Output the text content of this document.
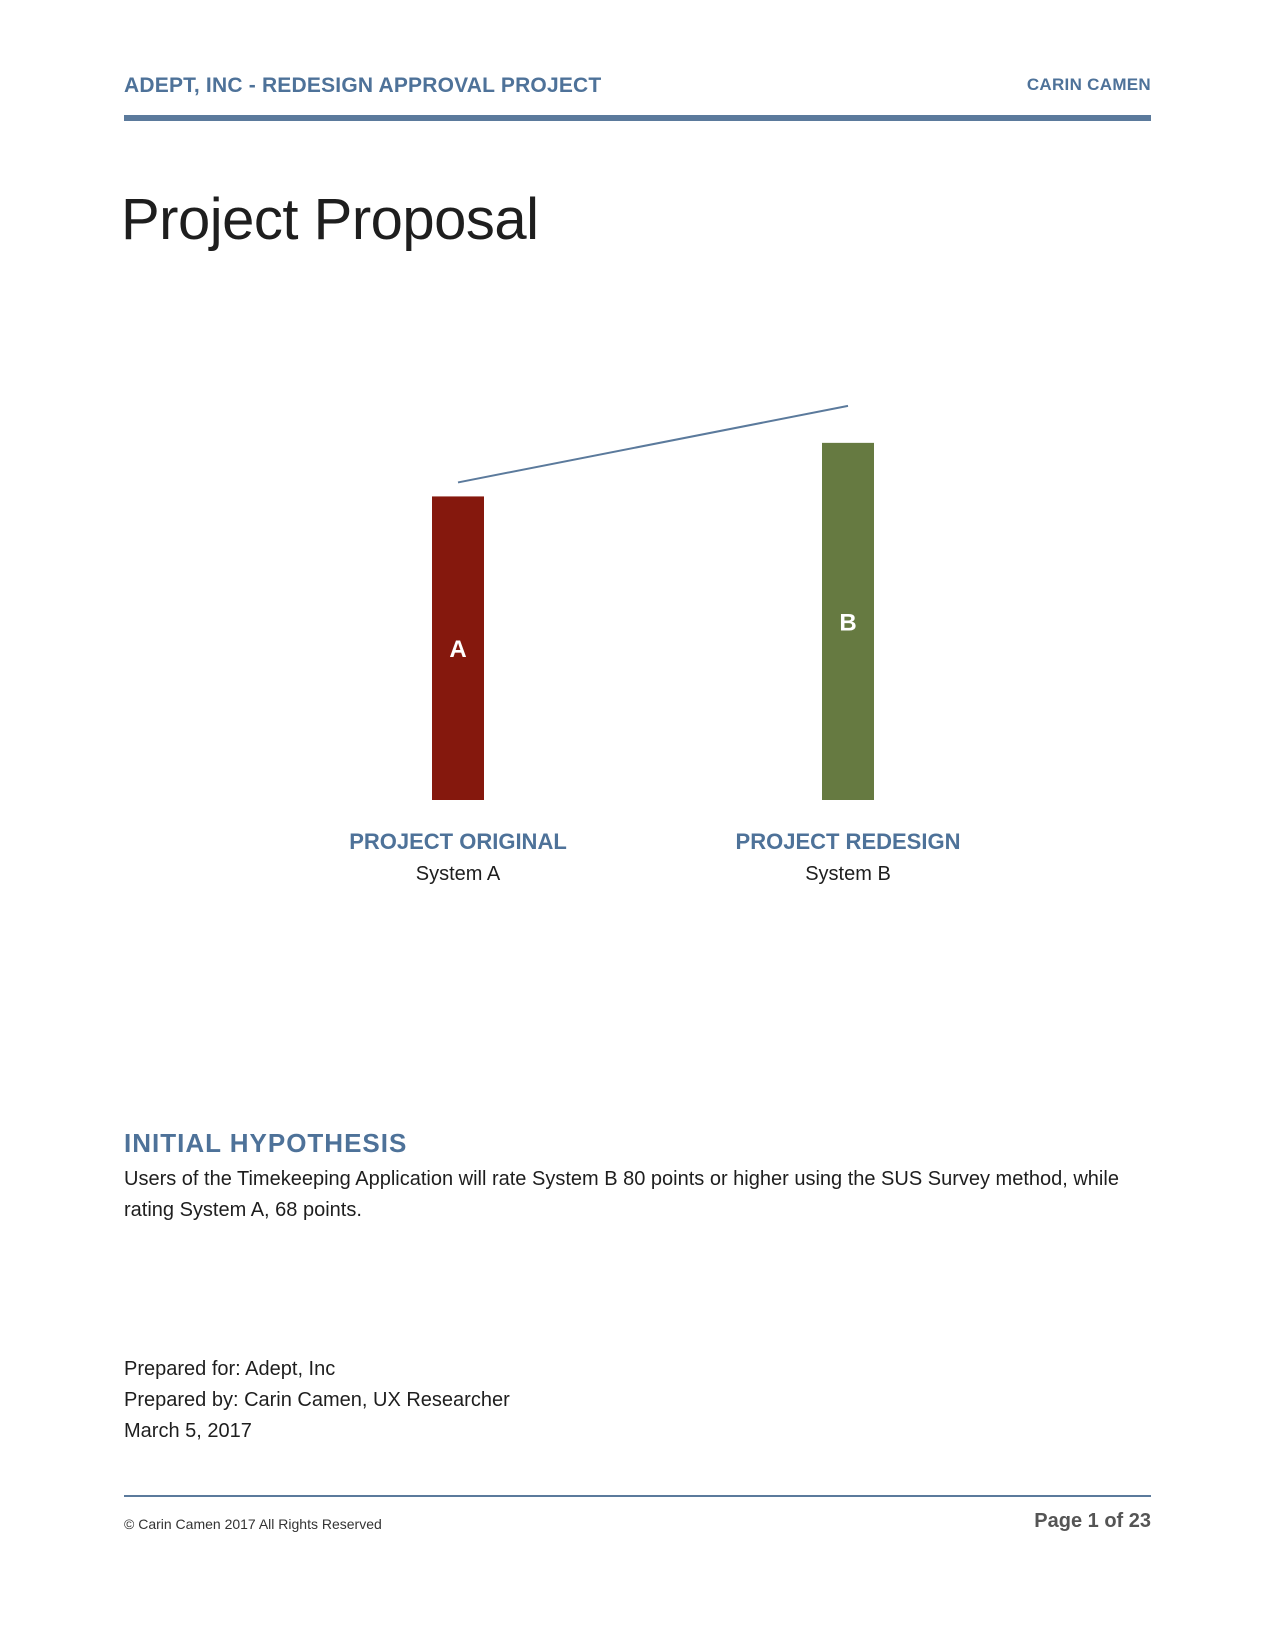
ADEPT, INC - REDESIGN APPROVAL PROJECT	CARIN CAMEN
Project Proposal
A
PROJECT ORIGINAL
System A
B
PROJECT REDESIGN
System B
INITIAL HYPOTHESIS
Users of the Timekeeping Application will rate System B 80 points or higher using the SUS Survey method, while
rating System A, 68 points.
Prepared for: Adept, Inc
Prepared by: Carin Camen, UX Researcher
March 5, 2017
© Carin Camen 2017 All Rights Reserved	Page 1 of 23
